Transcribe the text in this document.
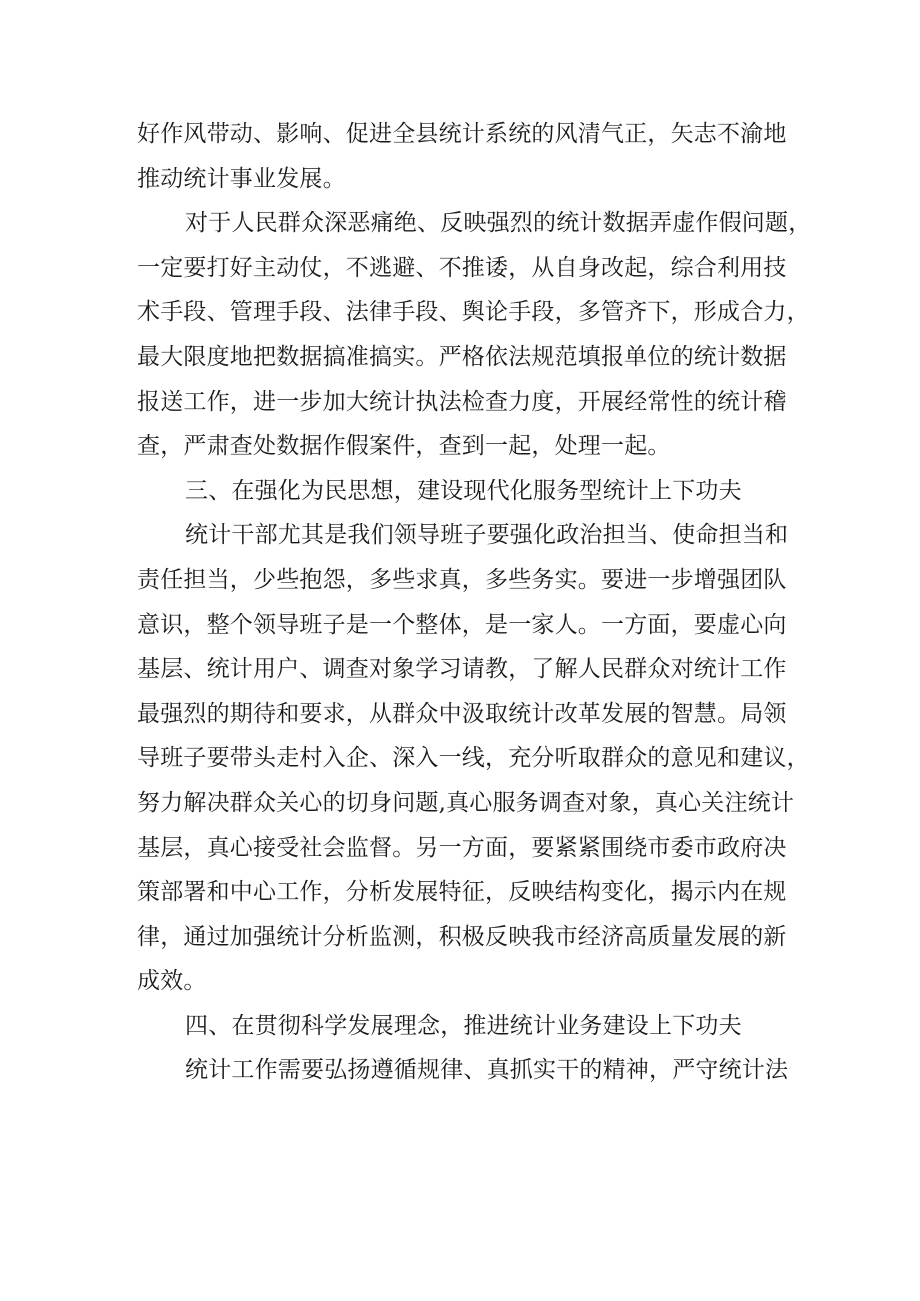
好作风带动、影响、促进全县统计系统的风清气正，矢志不渝地
推动统计事业发展。
对于人民群众深恶痛绝、反映强烈的统计数据弄虚作假问题，
一定要打好主动仗，不逃避、不推诿，从自身改起，综合利用技
术手段、管理手段、法律手段、舆论手段，多管齐下，形成合力，
最大限度地把数据搞准搞实。严格依法规范填报单位的统计数据
报送工作，进一步加大统计执法检查力度，开展经常性的统计稽
查，严肃查处数据作假案件，查到一起，处理一起。
三、在强化为民思想，建设现代化服务型统计上下功夫
统计干部尤其是我们领导班子要强化政治担当、使命担当和
责任担当，少些抱怨，多些求真，多些务实。要进一步增强团队
意识，整个领导班子是一个整体，是一家人。一方面，要虚心向
基层、统计用户、调查对象学习请教，了解人民群众对统计工作
最强烈的期待和要求，从群众中汲取统计改革发展的智慧。局领
导班子要带头走村入企、深入一线，充分听取群众的意见和建议，
努力解决群众关心的切身问题,真心服务调查对象，真心关注统计
基层，真心接受社会监督。另一方面，要紧紧围绕市委市政府决
策部署和中心工作，分析发展特征，反映结构变化，揭示内在规
律，通过加强统计分析监测，积极反映我市经济高质量发展的新
成效。
四、在贯彻科学发展理念，推进统计业务建设上下功夫
统计工作需要弘扬遵循规律、真抓实干的精神，严守统计法
